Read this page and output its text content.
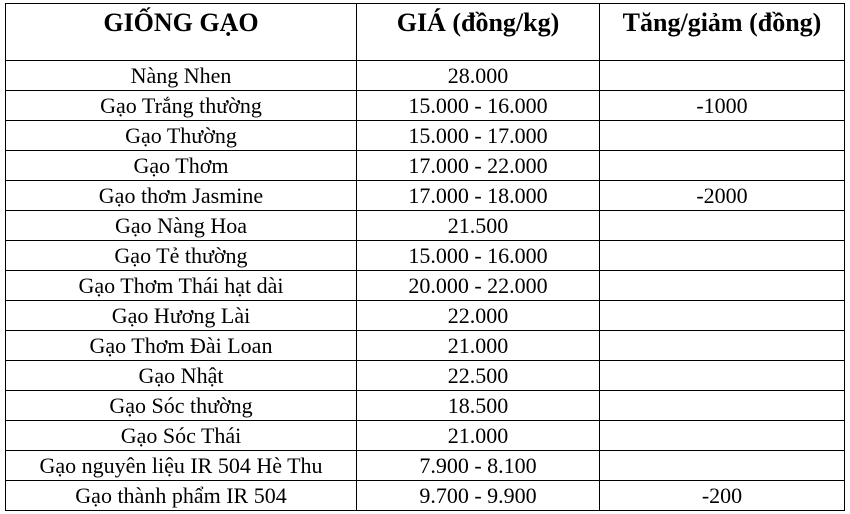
GIỐNG GẠO	GIÁ (đồng/kg)	Tăng/giảm (đồng)
Nàng Nhen	28.000	
Gạo Trắng thường	15.000 - 16.000	-1000
Gạo Thường	15.000 - 17.000	
Gạo Thơm	17.000 - 22.000	
Gạo thơm Jasmine	17.000 - 18.000	-2000
Gạo Nàng Hoa	21.500	
Gạo Tẻ thường	15.000 - 16.000	
Gạo Thơm Thái hạt dài	20.000 - 22.000	
Gạo Hương Lài	22.000	
Gạo Thơm Đài Loan	21.000	
Gạo Nhật	22.500	
Gạo Sóc thường	18.500	
Gạo Sóc Thái	21.000	
Gạo nguyên liệu IR 504 Hè Thu	7.900 - 8.100	
Gạo thành phẩm IR 504	9.700 - 9.900	-200
